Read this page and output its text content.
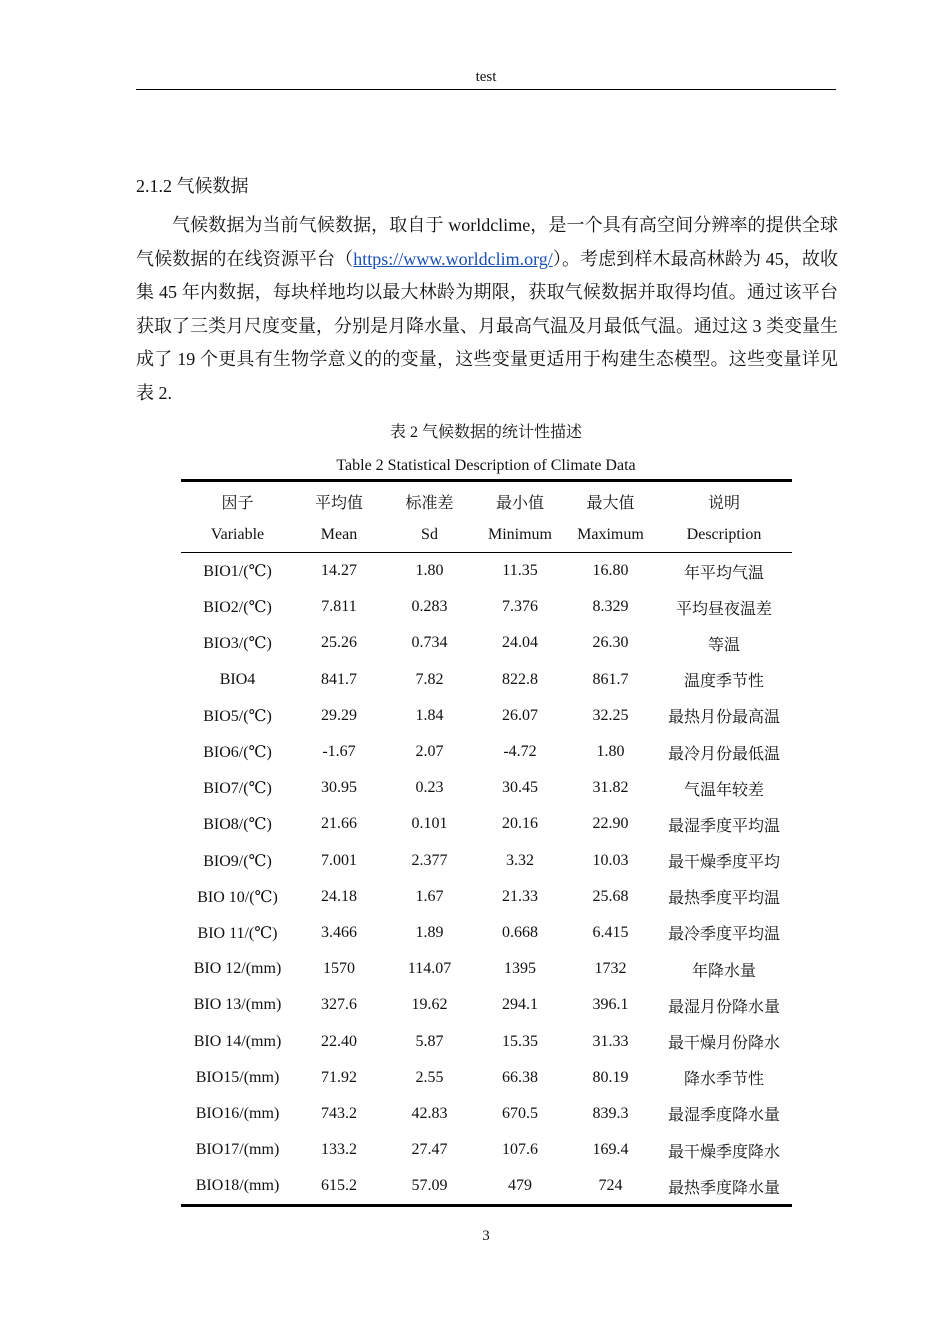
test
2.1.2 气候数据
气候数据为当前气候数据，取自于 worldclime，是一个具有高空间分辨率的提供全球气候数据的在线资源平台（https://www.worldclim.org/）。考虑到样木最高林龄为 45，故收集 45 年内数据，每块样地均以最大林龄为期限，获取气候数据并取得均值。通过该平台获取了三类月尺度变量，分别是月降水量、月最高气温及月最低气温。通过这 3 类变量生成了 19 个更具有生物学意义的的变量，这些变量更适用于构建生态模型。这些变量详见表 2.
表 2 气候数据的统计性描述
Table 2 Statistical Description of Climate Data
因子	平均值	标准差	最小值	最大值	说明
Variable	Mean	Sd	Minimum	Maximum	Description
BIO1/(℃)	14.27	1.80	11.35	16.80	年平均气温
BIO2/(℃)	7.811	0.283	7.376	8.329	平均昼夜温差
BIO3/(℃)	25.26	0.734	24.04	26.30	等温
BIO4	841.7	7.82	822.8	861.7	温度季节性
BIO5/(℃)	29.29	1.84	26.07	32.25	最热月份最高温
BIO6/(℃)	-1.67	2.07	-4.72	1.80	最冷月份最低温
BIO7/(℃)	30.95	0.23	30.45	31.82	气温年较差
BIO8/(℃)	21.66	0.101	20.16	22.90	最湿季度平均温
BIO9/(℃)	7.001	2.377	3.32	10.03	最干燥季度平均
BIO 10/(℃)	24.18	1.67	21.33	25.68	最热季度平均温
BIO 11/(℃)	3.466	1.89	0.668	6.415	最冷季度平均温
BIO 12/(mm)	1570	114.07	1395	1732	年降水量
BIO 13/(mm)	327.6	19.62	294.1	396.1	最湿月份降水量
BIO 14/(mm)	22.40	5.87	15.35	31.33	最干燥月份降水
BIO15/(mm)	71.92	2.55	66.38	80.19	降水季节性
BIO16/(mm)	743.2	42.83	670.5	839.3	最湿季度降水量
BIO17/(mm)	133.2	27.47	107.6	169.4	最干燥季度降水
BIO18/(mm)	615.2	57.09	479	724	最热季度降水量
3
